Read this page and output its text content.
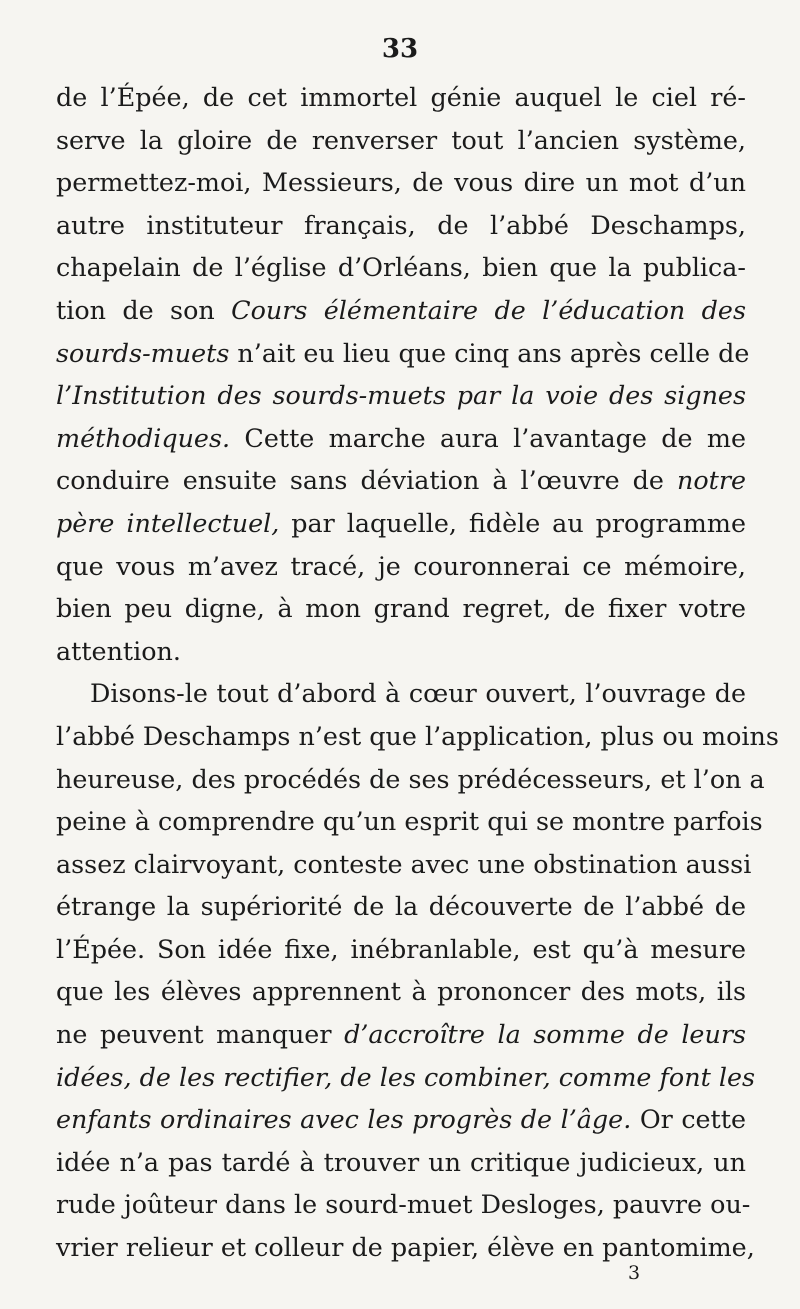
33
de l’Épée, de cet immortel génie auquel le ciel ré-
serve la gloire de renverser tout l’ancien système,
permettez-moi, Messieurs, de vous dire un mot d’un
autre instituteur français, de l’abbé Deschamps,
chapelain de l’église d’Orléans, bien que la publica-
tion de son Cours élémentaire de l’éducation des
sourds-muets n’ait eu lieu que cinq ans après celle de
l’Institution des sourds-muets par la voie des signes
méthodiques. Cette marche aura l’avantage de me
conduire ensuite sans déviation à l’œuvre de notre
père intellectuel, par laquelle, fidèle au programme
que vous m’avez tracé, je couronnerai ce mémoire,
bien peu digne, à mon grand regret, de fixer votre
attention.
Disons-le tout d’abord à cœur ouvert, l’ouvrage de
l’abbé Deschamps n’est que l’application, plus ou moins
heureuse, des procédés de ses prédécesseurs, et l’on a
peine à comprendre qu’un esprit qui se montre parfois
assez clairvoyant, conteste avec une obstination aussi
étrange la supériorité de la découverte de l’abbé de
l’Épée. Son idée fixe, inébranlable, est qu’à mesure
que les élèves apprennent à prononcer des mots, ils
ne peuvent manquer d’accroître la somme de leurs
idées, de les rectifier, de les combiner, comme font les
enfants ordinaires avec les progrès de l’âge. Or cette
idée n’a pas tardé à trouver un critique judicieux, un
rude joûteur dans le sourd-muet Desloges, pauvre ou-
vrier relieur et colleur de papier, élève en pantomime,
3
